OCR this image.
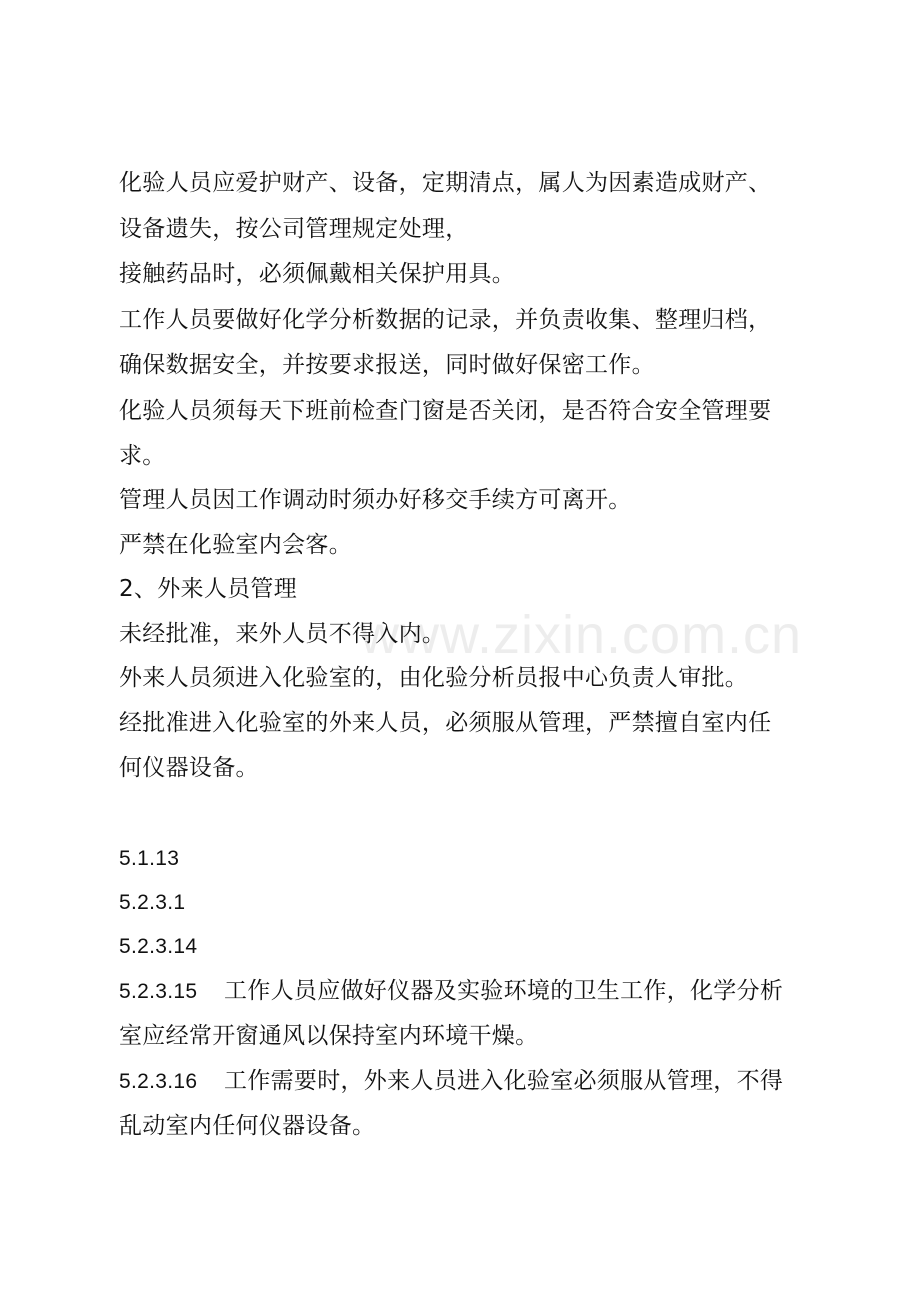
www.zixin.com.cn
化验人员应爱护财产、设备，定期清点，属人为因素造成财产、
设备遗失，按公司管理规定处理，
接触药品时，必须佩戴相关保护用具。
工作人员要做好化学分析数据的记录，并负责收集、整理归档，
确保数据安全，并按要求报送，同时做好保密工作。
化验人员须每天下班前检查门窗是否关闭，是否符合安全管理要
求。
管理人员因工作调动时须办好移交手续方可离开。
严禁在化验室内会客。
2、外来人员管理
未经批准，来外人员不得入内。
外来人员须进入化验室的，由化验分析员报中心负责人审批。
经批准进入化验室的外来人员，必须服从管理，严禁擅自室内任
何仪器设备。
5.1.13
5.2.3.1
5.2.3.14
5.2.3.15 工作人员应做好仪器及实验环境的卫生工作，化学分析
室应经常开窗通风以保持室内环境干燥。
5.2.3.16 工作需要时，外来人员进入化验室必须服从管理，不得
乱动室内任何仪器设备。
